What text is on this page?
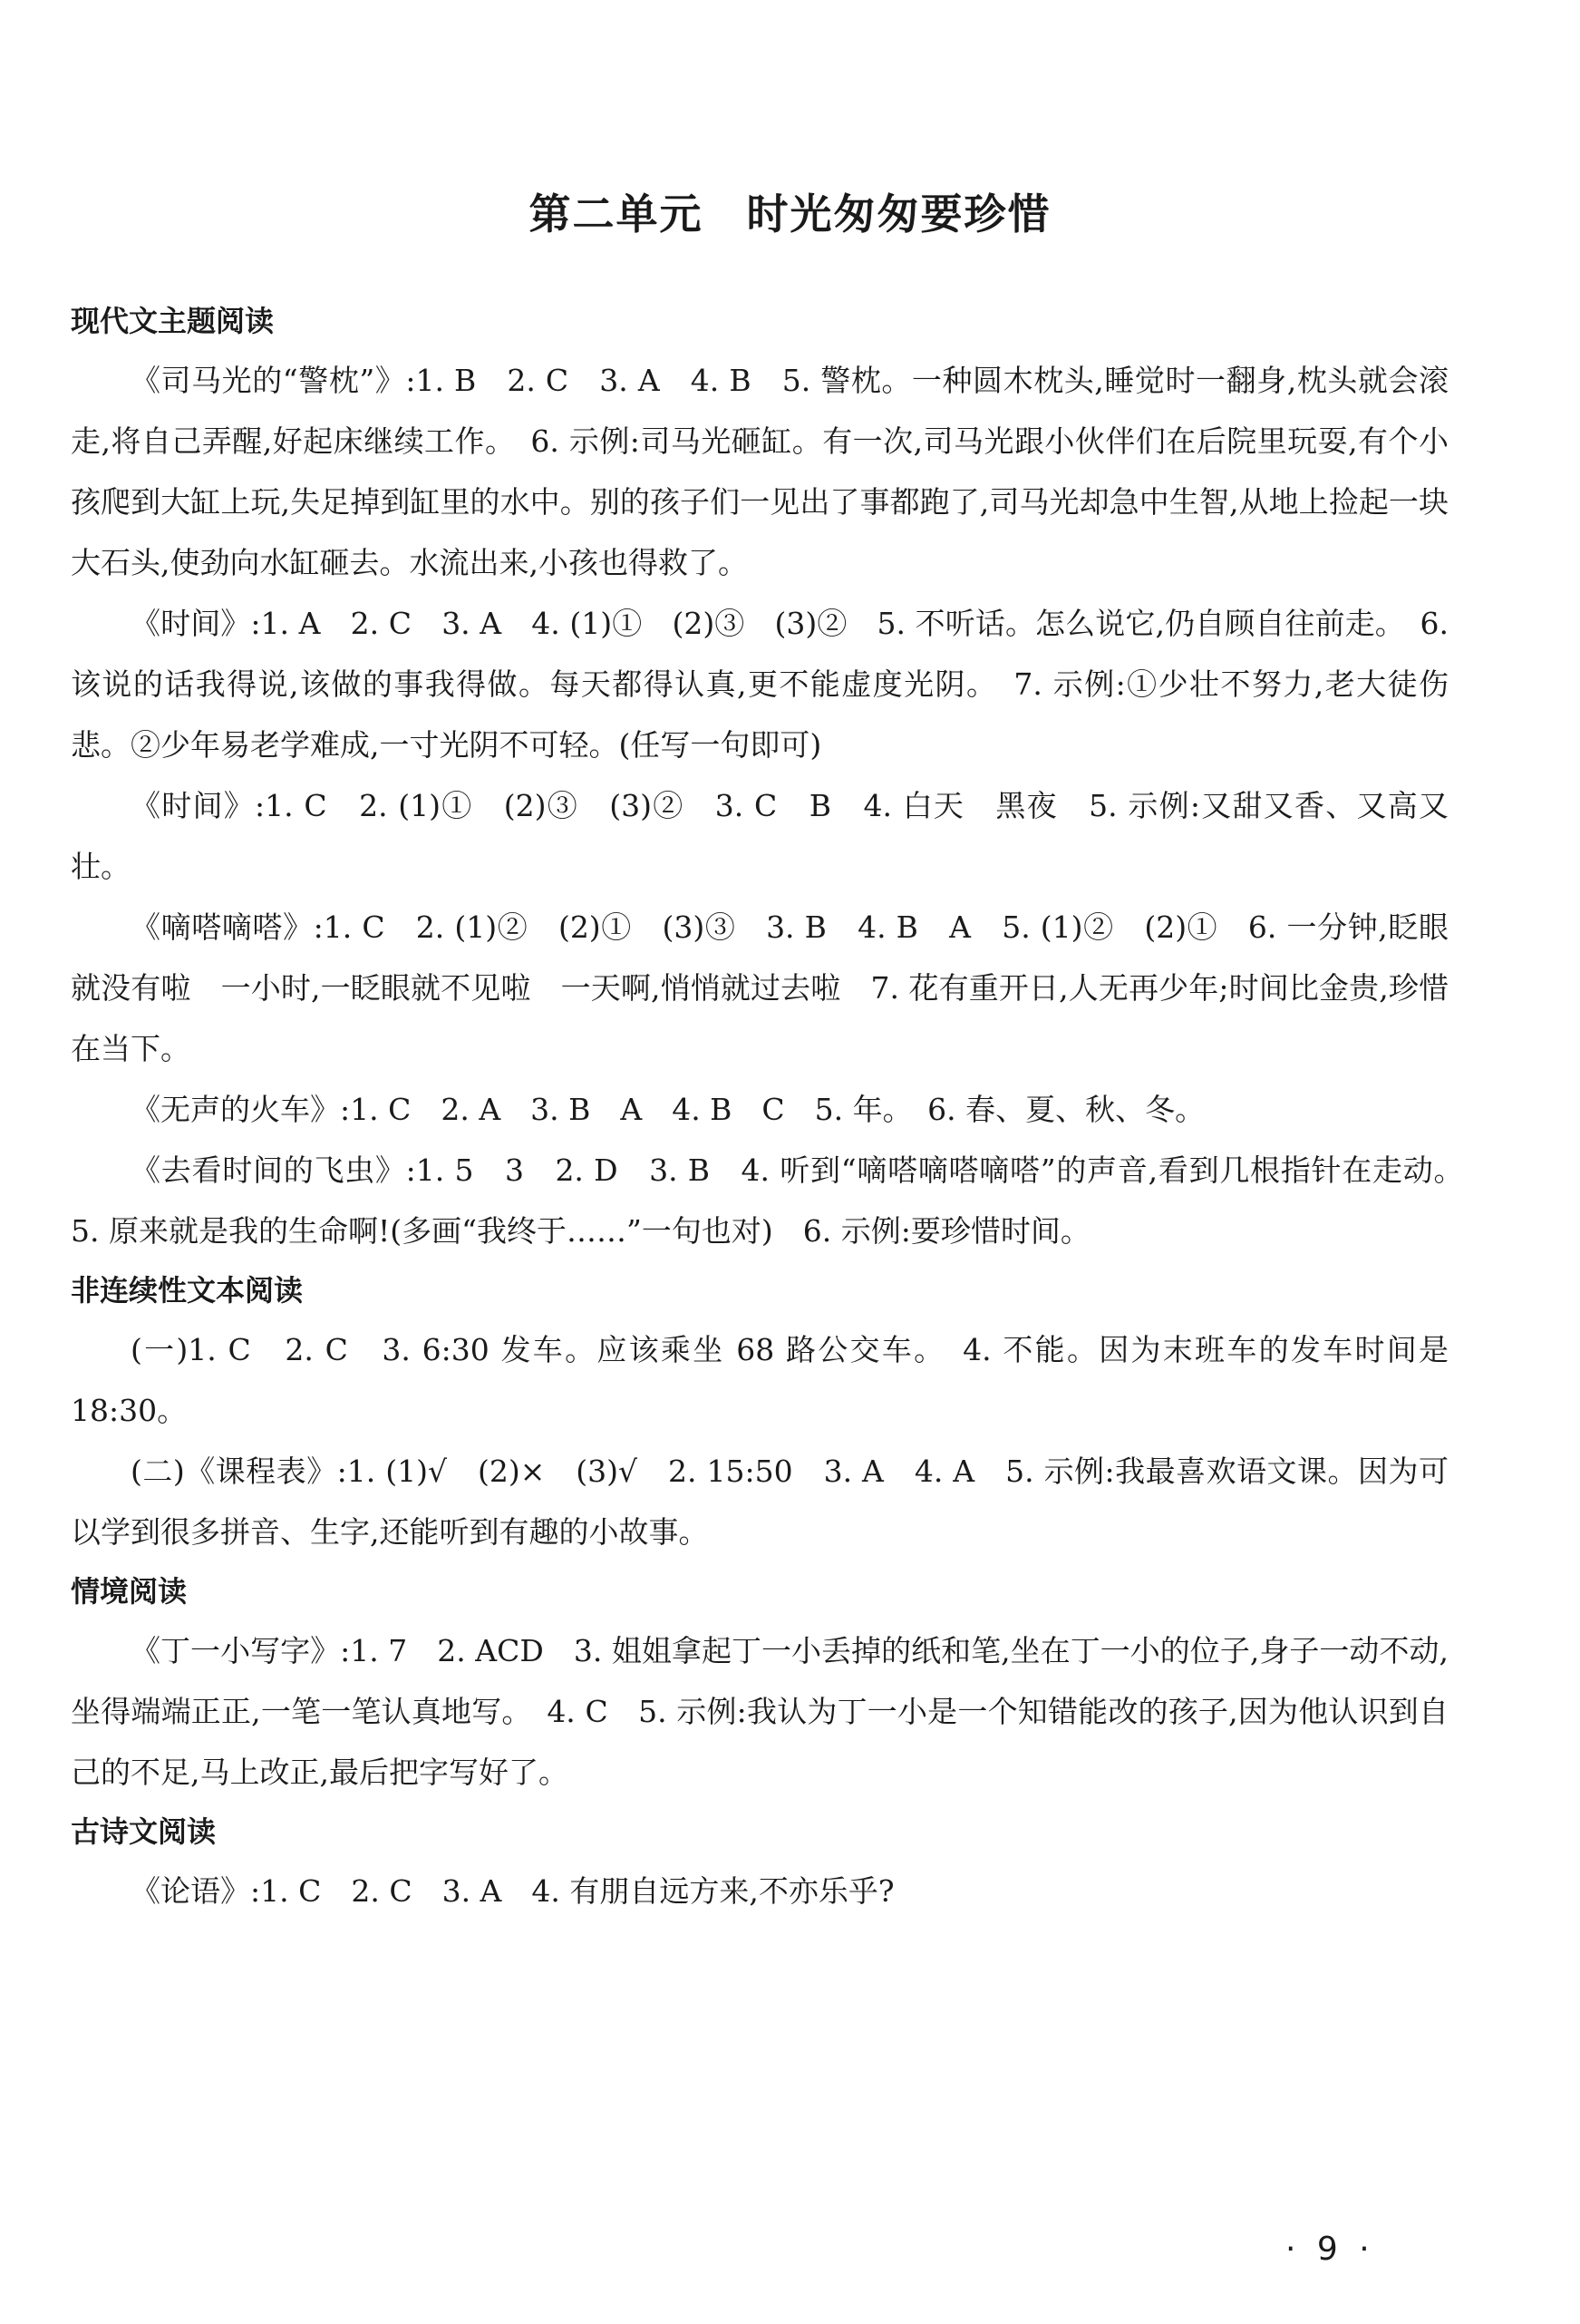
第二单元　时光匆匆要珍惜
现代文主题阅读

《司马光的“警枕”》:1. B　2. C　3. A　4. B　5. 警枕。一种圆木枕头,睡觉时一翻身,枕头就会滚走,将自己弄醒,好起床继续工作。　6. 示例:司马光砸缸。有一次,司马光跟小伙伴们在后院里玩耍,有个小孩爬到大缸上玩,失足掉到缸里的水中。别的孩子们一见出了事都跑了,司马光却急中生智,从地上捡起一块大石头,使劲向水缸砸去。水流出来,小孩也得救了。

《时间》:1. A　2. C　3. A　4. (1)①　(2)③　(3)②　5. 不听话。怎么说它,仍自顾自往前走。　6. 该说的话我得说,该做的事我得做。每天都得认真,更不能虚度光阴。　7. 示例:①少壮不努力,老大徒伤悲。②少年易老学难成,一寸光阴不可轻。(任写一句即可)

《时间》:1. C　2. (1)①　(2)③　(3)②　3. C　B　4. 白天　黑夜　5. 示例:又甜又香、又高又壮。

《嘀嗒嘀嗒》:1. C　2. (1)②　(2)①　(3)③　3. B　4. B　A　5. (1)②　(2)①　6. 一分钟,眨眼就没有啦　一小时,一眨眼就不见啦　一天啊,悄悄就过去啦　7. 花有重开日,人无再少年;时间比金贵,珍惜在当下。

《无声的火车》:1. C　2. A　3. B　A　4. B　C　5. 年。　6. 春、夏、秋、冬。

《去看时间的飞虫》:1. 5　3　2. D　3. B　4. 听到“嘀嗒嘀嗒嘀嗒”的声音,看到几根指针在走动。　5. 原来就是我的生命啊!(多画“我终于……”一句也对)　6. 示例:要珍惜时间。

非连续性文本阅读

(一)1. C　2. C　3. 6:30 发车。应该乘坐 68 路公交车。　4. 不能。因为末班车的发车时间是 18:30。

(二)《课程表》:1. (1)√　(2)×　(3)√　2. 15:50　3. A　4. A　5. 示例:我最喜欢语文课。因为可以学到很多拼音、生字,还能听到有趣的小故事。

情境阅读

《丁一小写字》:1. 7　2. ACD　3. 姐姐拿起丁一小丢掉的纸和笔,坐在丁一小的位子,身子一动不动,坐得端端正正,一笔一笔认真地写。　4. C　5. 示例:我认为丁一小是一个知错能改的孩子,因为他认识到自己的不足,马上改正,最后把字写好了。

古诗文阅读

《论语》:1. C　2. C　3. A　4. 有朋自远方来,不亦乐乎?

· 9 ·
